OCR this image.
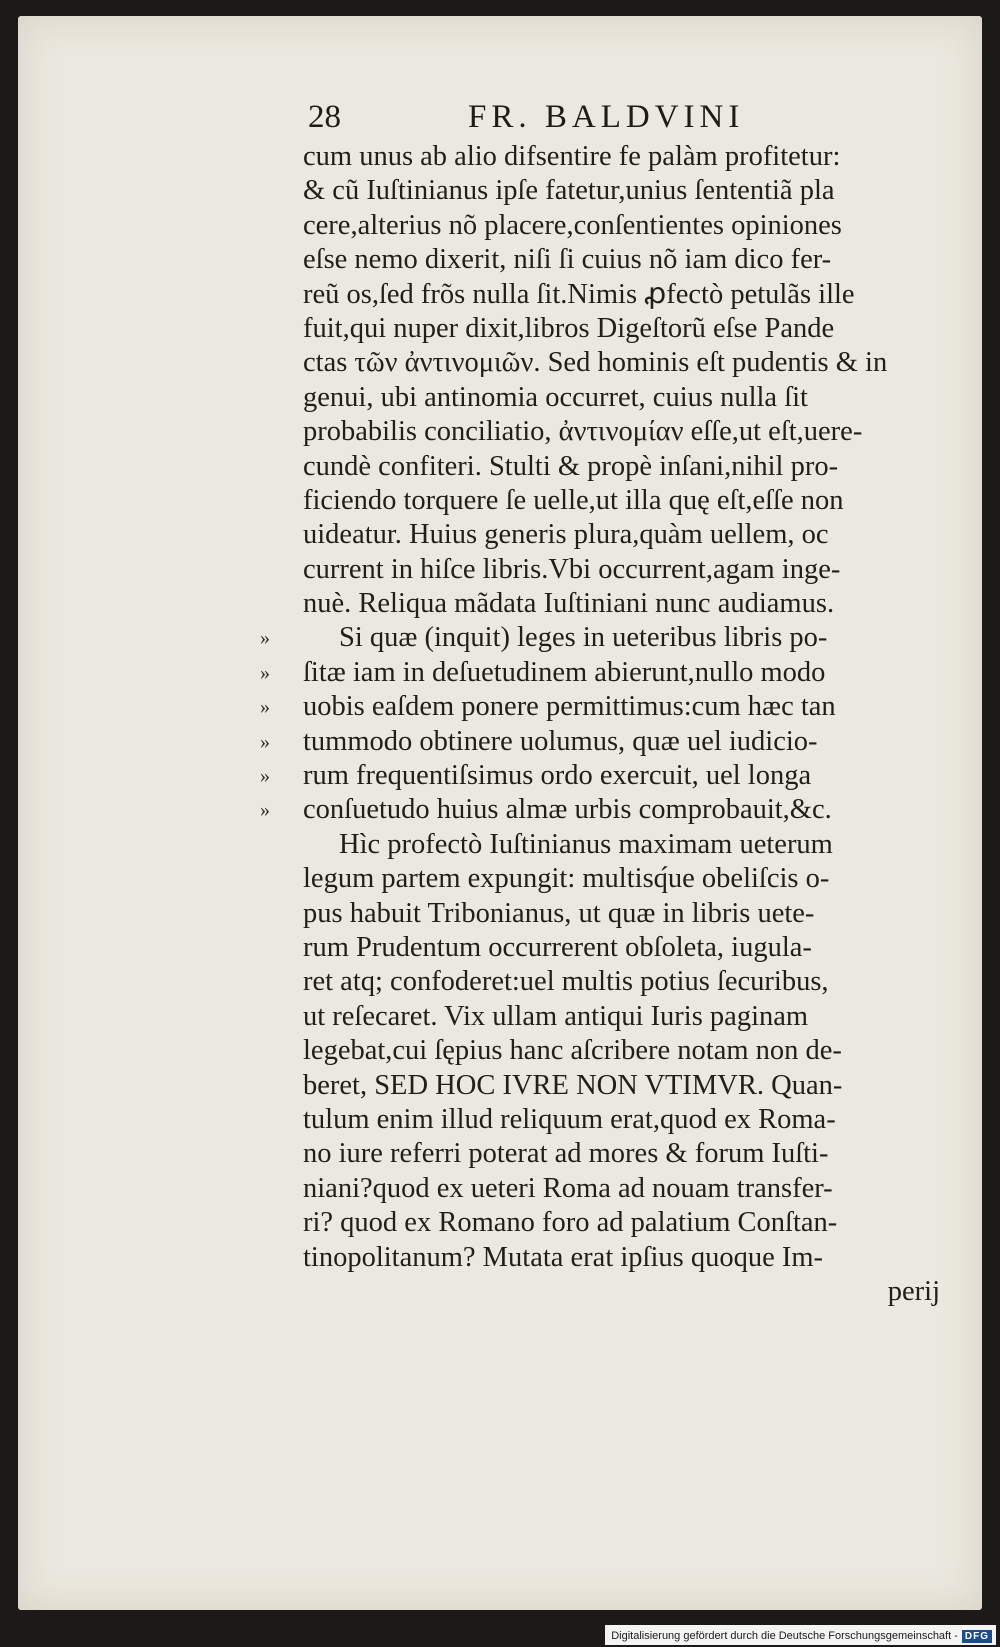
28	FR. BALDVINI
cum unus ab alio difsentire fe palàm profitetur:
& cũ Iuſtinianus ipſe fatetur,unius ſententiã pla
cere,alterius nõ placere,conſentientes opiniones
eſse nemo dixerit, niſi ſi cuius nõ iam dico fer-
reũ os,ſed frõs nulla ſit.Nimis ꝓfectò petulãs ille
fuit,qui nuper dixit,libros Digeſtorũ eſse Pande
ctas τῶν ἀντινομιῶν. Sed hominis eſt pudentis & in
genui, ubi antinomia occurret, cuius nulla ſit
probabilis conciliatio, ἀντινομίαν eſſe,ut eſt,uere-
cundè confiteri. Stulti & propè inſani,nihil pro-
ficiendo torquere ſe uelle,ut illa quę eſt,eſſe non
uideatur. Huius generis plura,quàm uellem, oc
current in hiſce libris.Vbi occurrent,agam inge-
nuè. Reliqua mãdata Iuſtiniani nunc audiamus.
» Si quæ (inquit) leges in ueteribus libris po-
» ſitæ iam in deſuetudinem abierunt,nullo modo
» uobis eaſdem ponere permittimus:cum hæc tan
» tummodo obtinere uolumus, quæ uel iudicio-
» rum frequentiſsimus ordo exercuit, uel longa
» conſuetudo huius almæ urbis comprobauit,&c.
Hìc profectò Iuſtinianus maximam ueterum
legum partem expungit: multisq́ue obeliſcis o-
pus habuit Tribonianus, ut quæ in libris uete-
rum Prudentum occurrerent obſoleta, iugula-
ret atq; confoderet:uel multis potius ſecuribus,
ut reſecaret. Vix ullam antiqui Iuris paginam
legebat,cui ſępius hanc aſcribere notam non de-
beret, SED HOC IVRE NON VTIMVR. Quan-
tulum enim illud reliquum erat,quod ex Roma-
no iure referri poterat ad mores & forum Iuſti-
niani?quod ex ueteri Roma ad nouam transfer-
ri? quod ex Romano foro ad palatium Conſtan-
tinopolitanum? Mutata erat ipſius quoque Im-
perij
Digitalisierung gefördert durch die Deutsche Forschungsgemeinschaft - DFG
